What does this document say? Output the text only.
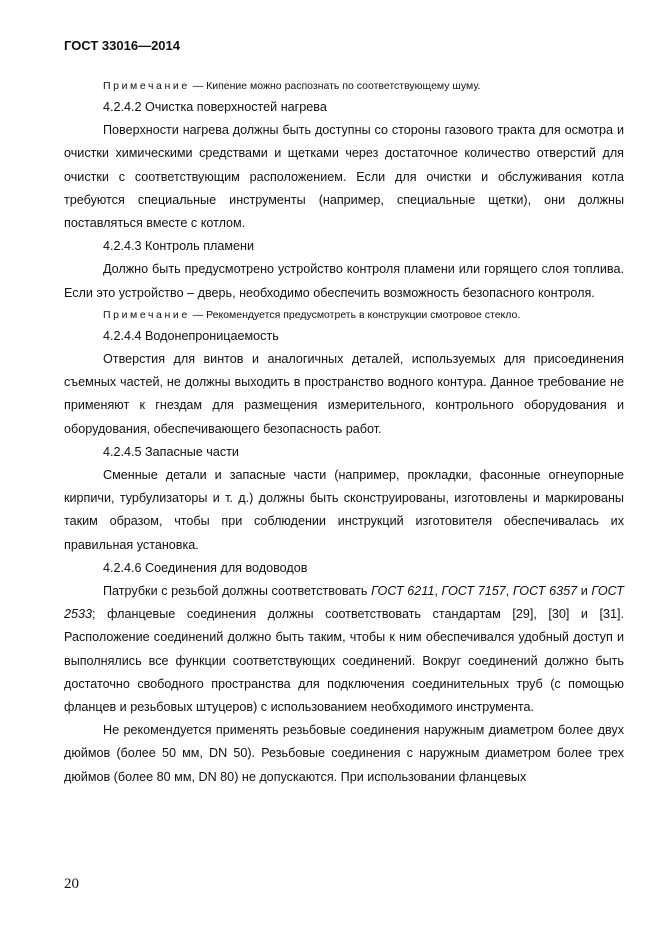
ГОСТ 33016—2014

Примечание — Кипение можно распознать по соответствующему шуму.

4.2.4.2 Очистка поверхностей нагрева

Поверхности нагрева должны быть доступны со стороны газового тракта для осмотра и очистки химическими средствами и щетками через достаточное количество отверстий для очистки с соответствующим расположением. Если для очистки и обслуживания котла требуются специальные инструменты (например, специальные щетки), они должны поставляться вместе с котлом.

4.2.4.3 Контроль пламени

Должно быть предусмотрено устройство контроля пламени или горящего слоя топлива. Если это устройство – дверь, необходимо обеспечить возможность безопасного контроля.

Примечание — Рекомендуется предусмотреть в конструкции смотровое стекло.

4.2.4.4 Водонепроницаемость

Отверстия для винтов и аналогичных деталей, используемых для присоединения съемных частей, не должны выходить в пространство водного контура. Данное требование не применяют к гнездам для размещения измерительного, контрольного оборудования и оборудования, обеспечивающего безопасность работ.

4.2.4.5 Запасные части

Сменные детали и запасные части (например, прокладки, фасонные огнеупорные кирпичи, турбулизаторы и т. д.) должны быть сконструированы, изготовлены и маркированы таким образом, чтобы при соблюдении инструкций изготовителя обеспечивалась их правильная установка.

4.2.4.6 Соединения для водоводов

Патрубки с резьбой должны соответствовать ГОСТ 6211, ГОСТ 7157, ГОСТ 6357 и ГОСТ 2533; фланцевые соединения должны соответствовать стандартам [29], [30] и [31]. Расположение соединений должно быть таким, чтобы к ним обеспечивался удобный доступ и выполнялись все функции соответствующих соединений. Вокруг соединений должно быть достаточно свободного пространства для подключения соединительных труб (с помощью фланцев и резьбовых штуцеров) с использованием необходимого инструмента.

Не рекомендуется применять резьбовые соединения наружным диаметром более двух дюймов (более 50 мм, DN 50). Резьбовые соединения с наружным диаметром более трех дюймов (более 80 мм, DN 80) не допускаются. При использовании фланцевых

20
